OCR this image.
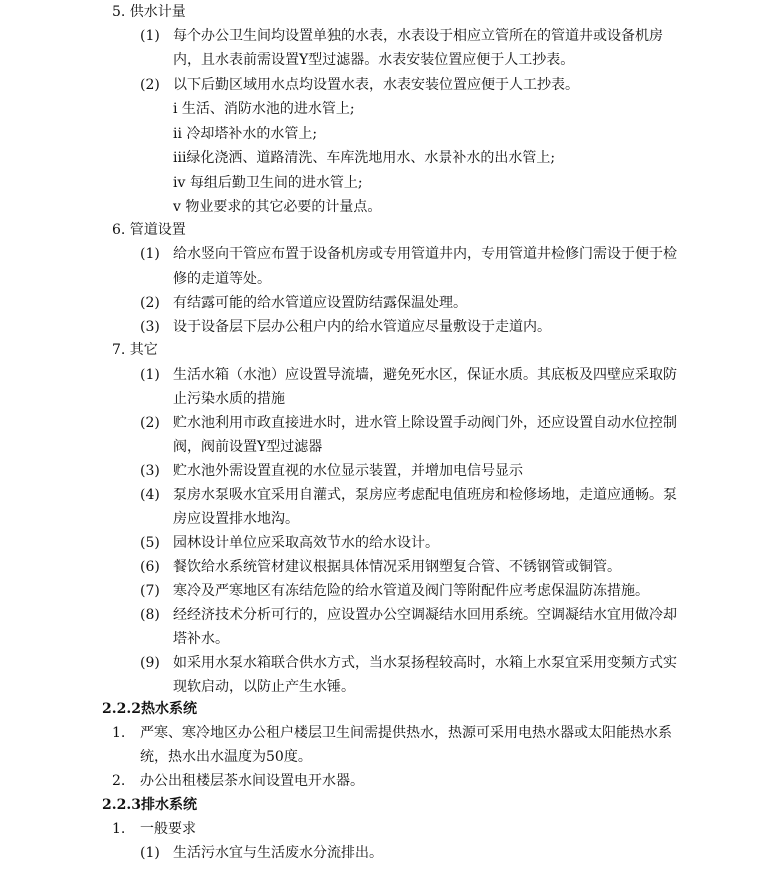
5. 供水计量
(1) 每个办公卫生间均设置单独的水表，水表设于相应立管所在的管道井或设备机房
内，且水表前需设置Y型过滤器。水表安装位置应便于人工抄表。
(2) 以下后勤区域用水点均设置水表，水表安装位置应便于人工抄表。
i 生活、消防水池的进水管上;
ii 冷却塔补水的水管上;
iii绿化浇洒、道路清洗、车库洗地用水、水景补水的出水管上;
iv 每组后勤卫生间的进水管上;
v 物业要求的其它必要的计量点。
6. 管道设置
(1) 给水竖向干管应布置于设备机房或专用管道井内，专用管道井检修门需设于便于检
修的走道等处。
(2) 有结露可能的给水管道应设置防结露保温处理。
(3) 设于设备层下层办公租户内的给水管道应尽量敷设于走道内。
7. 其它
(1) 生活水箱（水池）应设置导流墙，避免死水区，保证水质。其底板及四壁应采取防
止污染水质的措施
(2) 贮水池利用市政直接进水时，进水管上除设置手动阀门外，还应设置自动水位控制
阀，阀前设置Y型过滤器
(3) 贮水池外需设置直视的水位显示装置，并增加电信号显示
(4) 泵房水泵吸水宜采用自灌式，泵房应考虑配电值班房和检修场地，走道应通畅。泵
房应设置排水地沟。
(5) 园林设计单位应采取高效节水的给水设计。
(6) 餐饮给水系统管材建议根据具体情况采用钢塑复合管、不锈钢管或铜管。
(7) 寒冷及严寒地区有冻结危险的给水管道及阀门等附配件应考虑保温防冻措施。
(8) 经经济技术分析可行的，应设置办公空调凝结水回用系统。空调凝结水宜用做冷却
塔补水。
(9) 如采用水泵水箱联合供水方式，当水泵扬程较高时，水箱上水泵宜采用变频方式实
现软启动，以防止产生水锤。
2.2.2热水系统
1. 严寒、寒冷地区办公租户楼层卫生间需提供热水，热源可采用电热水器或太阳能热水系
统，热水出水温度为50度。
2. 办公出租楼层茶水间设置电开水器。
2.2.3排水系统
1. 一般要求
(1) 生活污水宜与生活废水分流排出。
